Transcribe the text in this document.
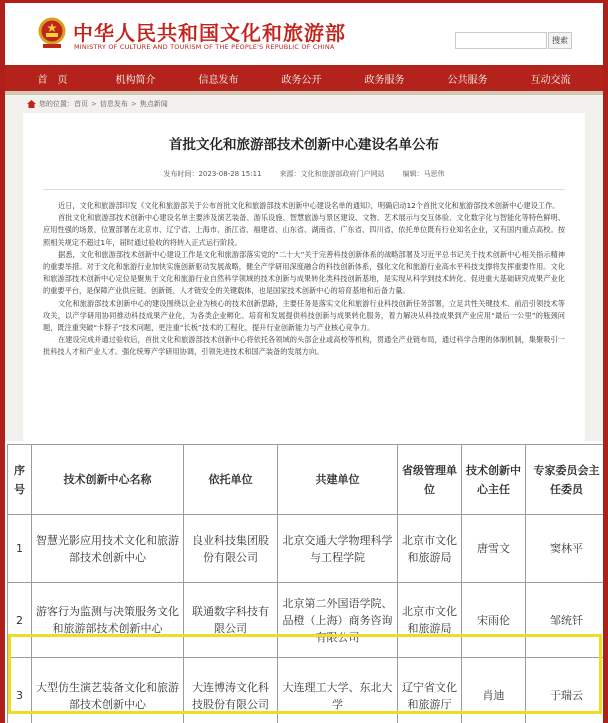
中华人民共和国文化和旅游部
MINISTRY OF CULTURE AND TOURISM OF THE PEOPLE'S REPUBLIC OF CHINA
搜索
首　页	机构简介	信息发布	政务公开	政务服务	公共服务	互动交流
您的位置： 首页 > 信息发布 > 焦点新闻
首批文化和旅游部技术创新中心建设名单公布
发布时间：2023-08-28 15:11	来源：文化和旅游部政府门户网站	编辑：马思伟

近日，文化和旅游部印发《文化和旅游部关于公布首批文化和旅游部技术创新中心建设名单的通知》，明确启动12个首批文化和旅游部技术创新中心建设工作。

首批文化和旅游部技术创新中心建设名单主要涉及演艺装备、游乐设施、智慧旅游与景区建设、文物、艺术展示与交互体验、文化数字化与智能化等特色鲜明、应用性强的场景，位置部署在北京市、辽宁省、上海市、浙江省、福建省、山东省、湖南省、广东省、四川省，依托单位既有行业知名企业，又有国内重点高校。按照相关规定不超过1年，届时通过验收的将转入正式运行阶段。

据悉，文化和旅游部技术创新中心建设工作是文化和旅游部落实党的“二十大”关于完善科技创新体系的战略部署及习近平总书记关于技术创新中心相关指示精神的重要举措。对于文化和旅游行业加快实施创新驱动发展战略，健全产学研用深度融合的科技创新体系，强化文化和旅游行业高水平科技支撑将发挥重要作用。文化和旅游部技术创新中心定位是聚焦于文化和旅游行业自然科学领域的技术创新与成果转化类科技创新基地，是实现从科学到技术转化、促进重大基础研究成果产业化的重要平台，是保障产业供应链、创新链、人才链安全的关键载体，也是国家技术创新中心的培育基地和后备力量。

文化和旅游部技术创新中心的建设围绕以企业为核心的技术创新思路，主要任务是落实文化和旅游行业科技创新任务部署，立足共性关键技术、前沿引领技术等攻关，以产学研用协同推动科技成果产业化，为各类企业孵化、培育和发展提供科技创新与成果转化服务，着力解决从科技成果到产业应用“最后一公里”的瓶颈问题，既注重突破“卡脖子”技术问题，更注重“长板”技术的工程化，提升行业创新能力与产业核心竞争力。

在建设完成并通过验收后，首批文化和旅游部技术创新中心将依托各领域的头部企业或高校等机构，贯通全产业链布局，通过科学合理的体制机制，集聚吸引一批科技人才和产业人才。强化统筹产学研用协调，引领先进技术和国产装备的发展方向。

序号	技术创新中心名称	依托单位	共建单位	省级管理单位	技术创新中心主任	专家委员会主任委员
1	智慧光影应用技术文化和旅游部技术创新中心	良业科技集团股份有限公司	北京交通大学物理科学与工程学院	北京市文化和旅游局	唐雪文	窦林平
2	游客行为监测与决策服务文化和旅游部技术创新中心	联通数字科技有限公司	北京第二外国语学院、品橙（上海）商务咨询有限公司	北京市文化和旅游局	宋雨伦	邹统钎
3	大型仿生演艺装备文化和旅游部技术创新中心	大连博涛文化科技股份有限公司	大连理工大学、东北大学	辽宁省文化和旅游厅	肖迪	于瑞云
